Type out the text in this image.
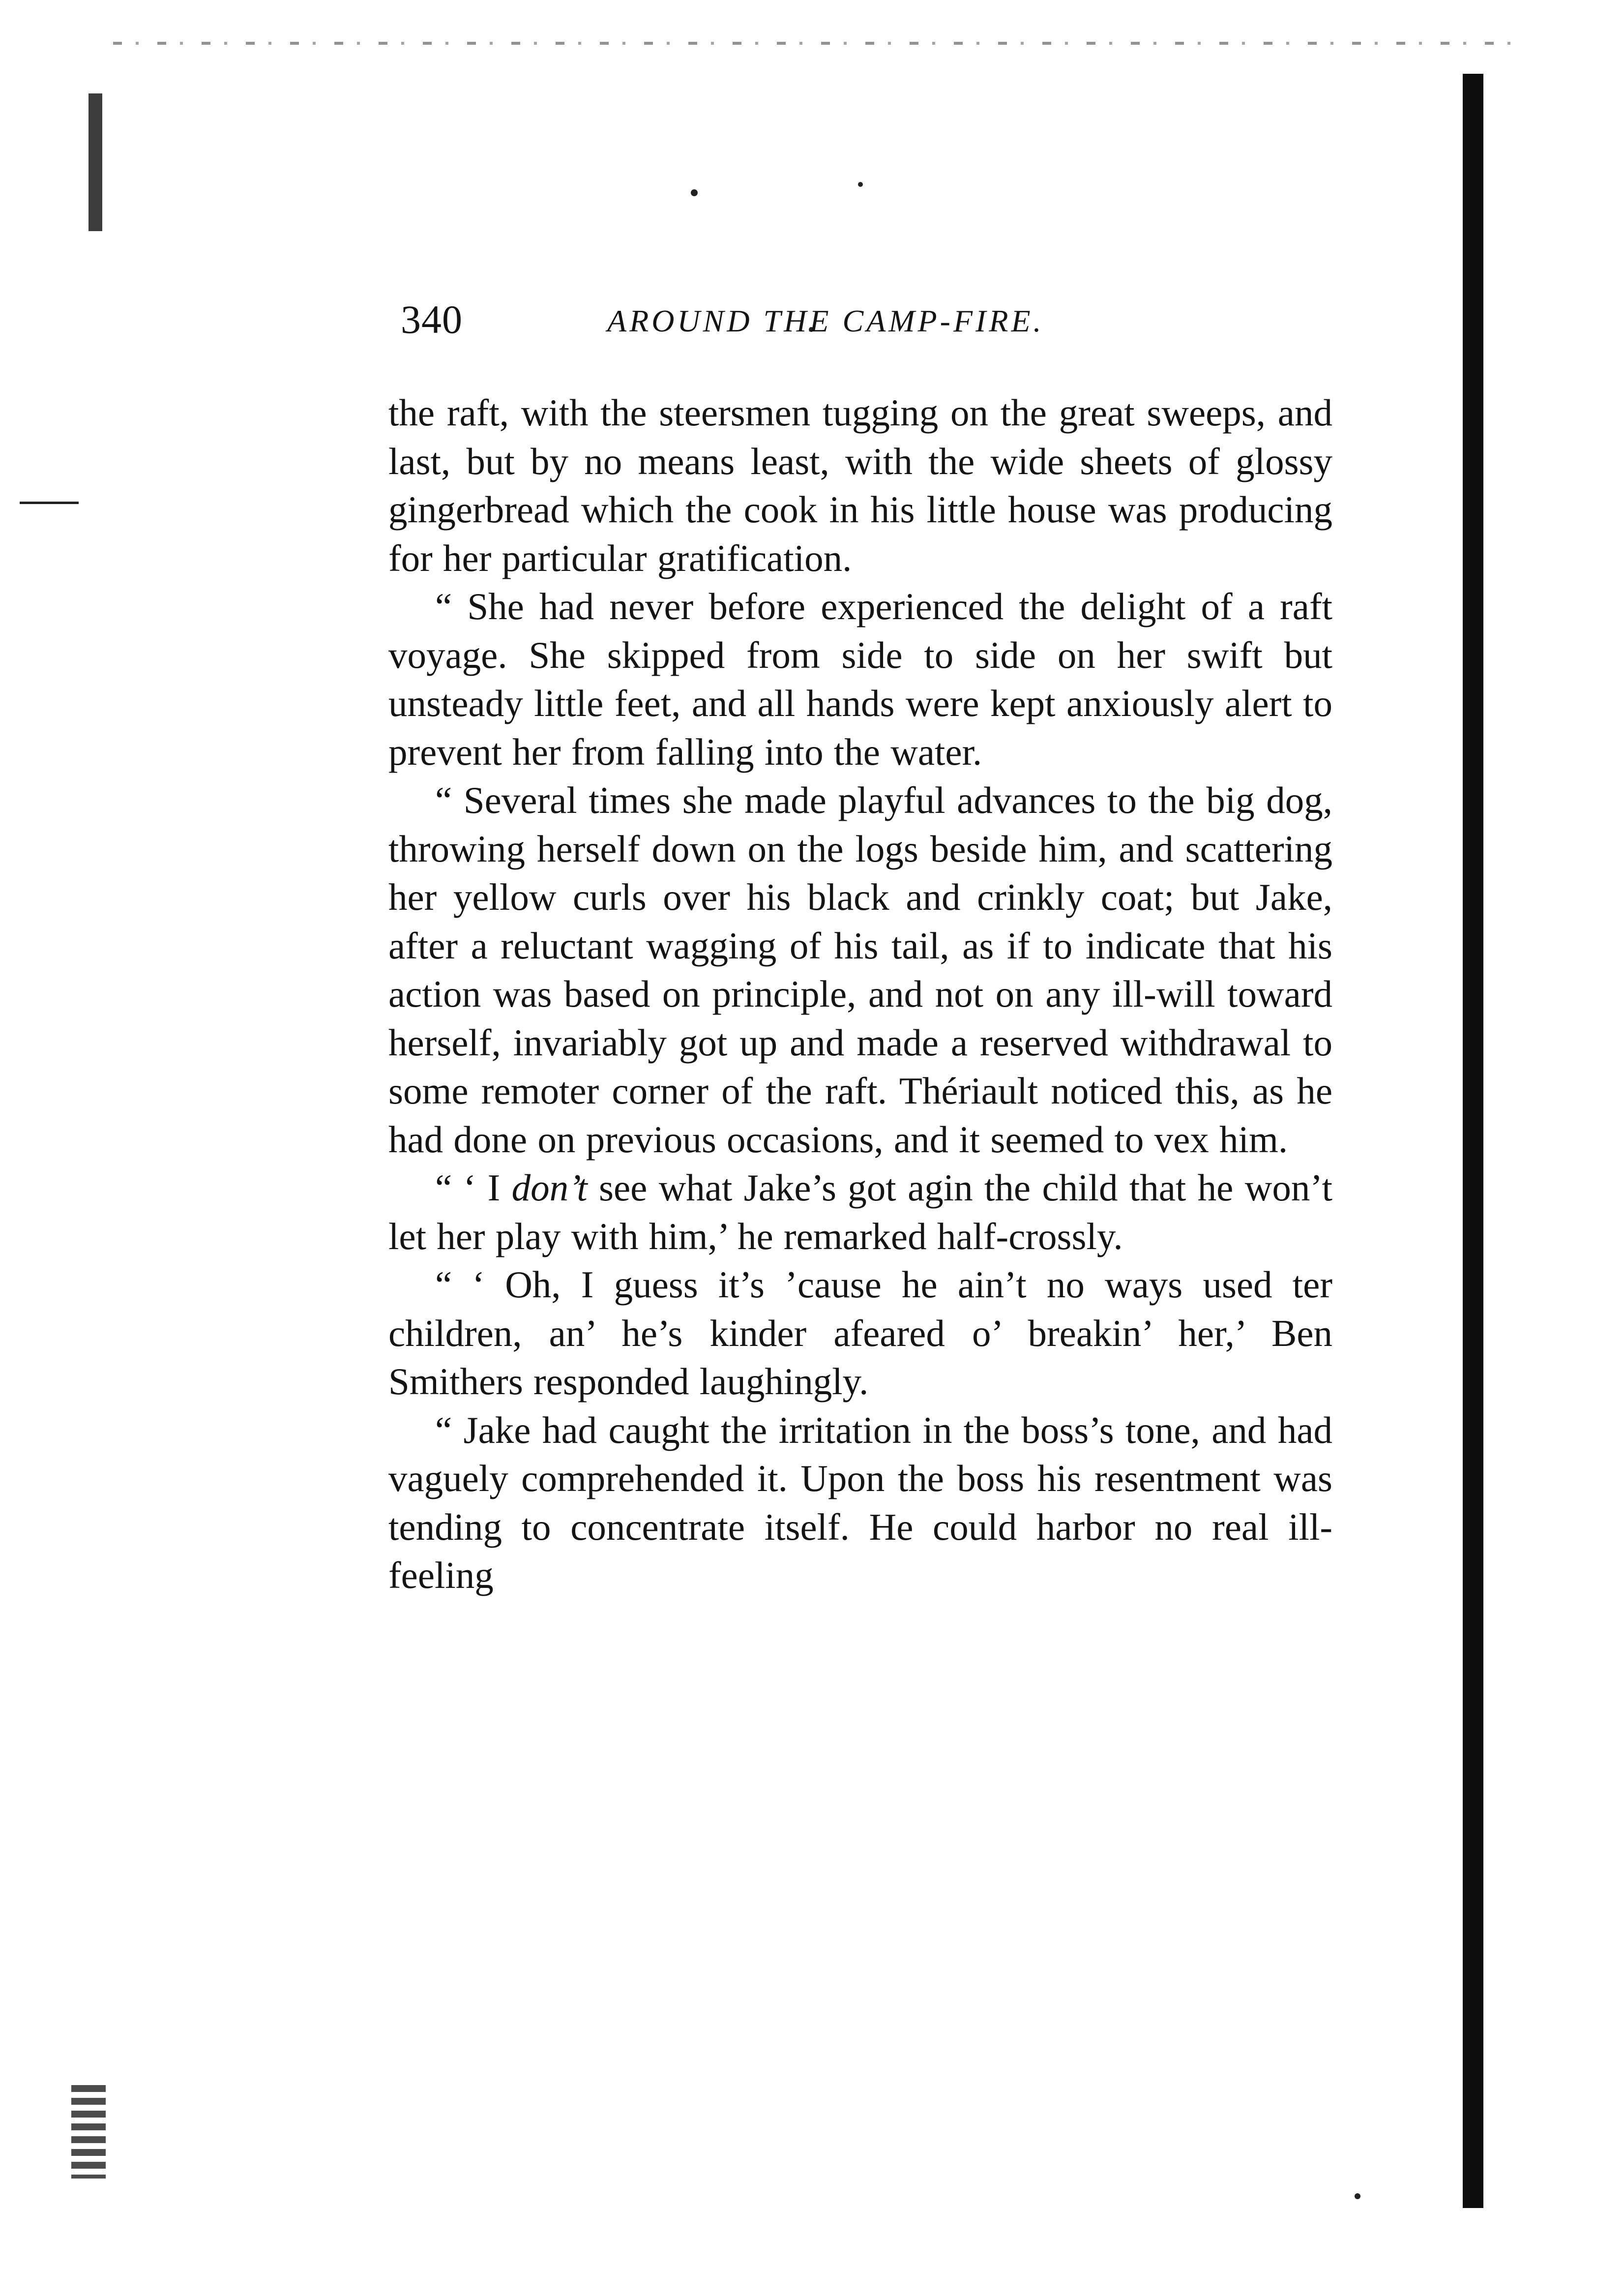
340	AROUND THE CAMP-FIRE.

the raft, with the steersmen tugging on the great sweeps, and last, but by no means least, with the wide sheets of glossy gingerbread which the cook in his little house was producing for her particular gratification.

“ She had never before experienced the delight of a raft voyage. She skipped from side to side on her swift but unsteady little feet, and all hands were kept anxiously alert to prevent her from falling into the water.

“ Several times she made playful advances to the big dog, throwing herself down on the logs beside him, and scattering her yellow curls over his black and crinkly coat; but Jake, after a reluctant wagging of his tail, as if to indicate that his action was based on principle, and not on any ill-will toward herself, invariably got up and made a reserved withdrawal to some remoter corner of the raft. Thériault noticed this, as he had done on previous occasions, and it seemed to vex him.

“ ‘ I don’t see what Jake’s got agin the child that he won’t let her play with him,’ he remarked half-crossly.

“ ‘ Oh, I guess it’s ’cause he ain’t no ways used ter children, an’ he’s kinder afeared o’ breakin’ her,’ Ben Smithers responded laughingly.

“ Jake had caught the irritation in the boss’s tone, and had vaguely comprehended it. Upon the boss his resentment was tending to concentrate itself. He could harbor no real ill-feeling
